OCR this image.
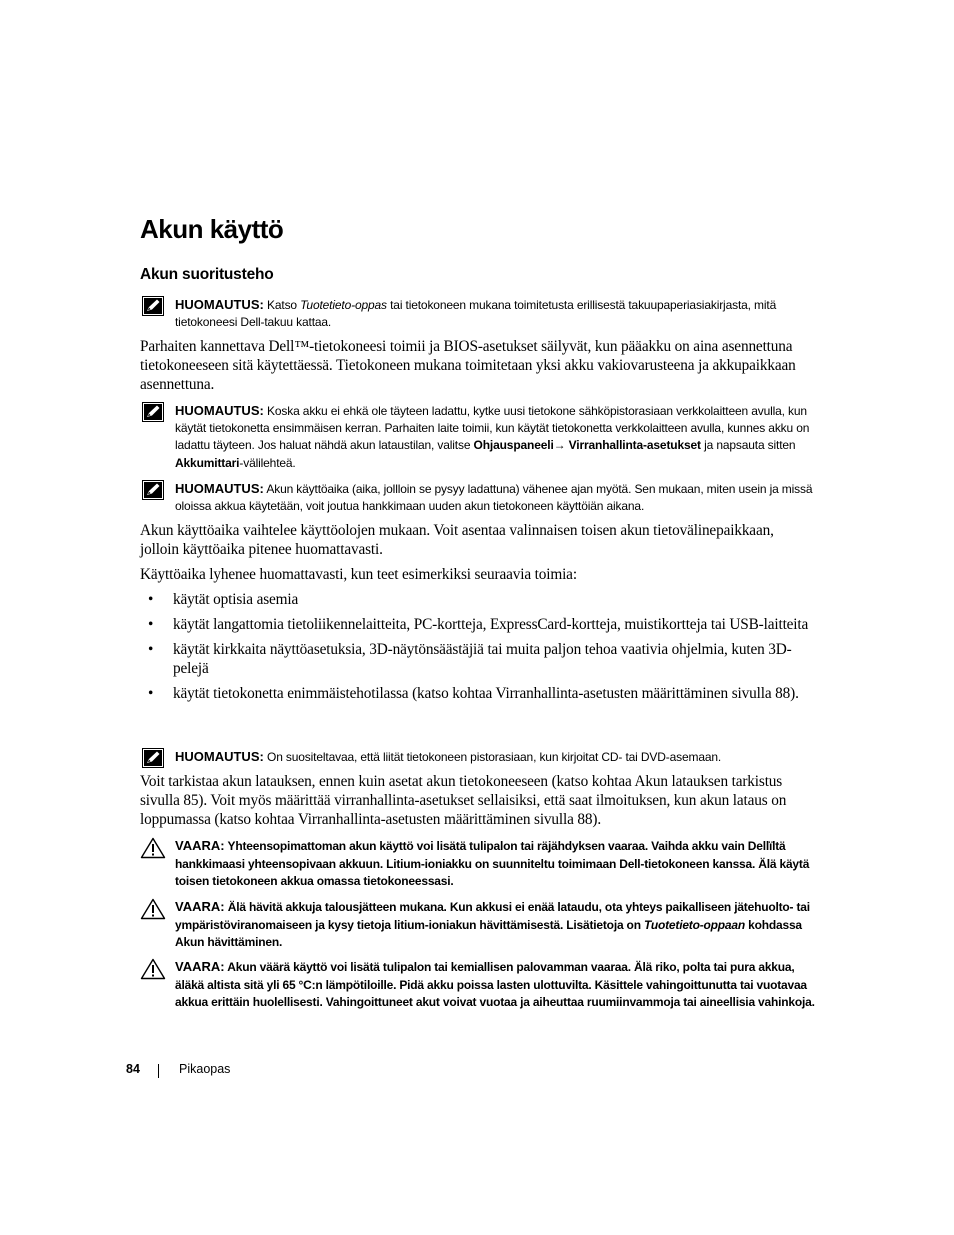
Akun käyttö
Akun suoritusteho
HUOMAUTUS: Katso Tuotetieto-oppas tai tietokoneen mukana toimitetusta erillisestä takuupaperiasiakirjasta, mitä tietokoneesi Dell-takuu kattaa.
Parhaiten kannettava Dell™-tietokoneesi toimii ja BIOS-asetukset säilyvät, kun pääakku on aina asennettuna tietokoneeseen sitä käytettäessä. Tietokoneen mukana toimitetaan yksi akku vakiovarusteena ja akkupaikkaan asennettuna.
HUOMAUTUS: Koska akku ei ehkä ole täyteen ladattu, kytke uusi tietokone sähköpistorasiaan verkkolaitteen avulla, kun käytät tietokonetta ensimmäisen kerran. Parhaiten laite toimii, kun käytät tietokonetta verkkolaitteen avulla, kunnes akku on ladattu täyteen. Jos haluat nähdä akun lataustilan, valitse Ohjauspaneeli→ Virranhallinta-asetukset ja napsauta sitten Akkumittari-välilehteä.
HUOMAUTUS: Akun käyttöaika (aika, jollloin se pysyy ladattuna) vähenee ajan myötä. Sen mukaan, miten usein ja missä oloissa akkua käytetään, voit joutua hankkimaan uuden akun tietokoneen käyttöiän aikana.
Akun käyttöaika vaihtelee käyttöolojen mukaan. Voit asentaa valinnaisen toisen akun tietovälinepaikkaan, jolloin käyttöaika pitenee huomattavasti.
Käyttöaika lyhenee huomattavasti, kun teet esimerkiksi seuraavia toimia:
• käytät optisia asemia
• käytät langattomia tietoliikennelaitteita, PC-kortteja, ExpressCard-kortteja, muistikortteja tai USB-laitteita
• käytät kirkkaita näyttöasetuksia, 3D-näytönsäästäjiä tai muita paljon tehoa vaativia ohjelmia, kuten 3D-pelejä
• käytät tietokonetta enimmäistehotilassa (katso kohtaa Virranhallinta-asetusten määrittäminen sivulla 88).
HUOMAUTUS: On suositeltavaa, että liität tietokoneen pistorasiaan, kun kirjoitat CD- tai DVD-asemaan.
Voit tarkistaa akun latauksen, ennen kuin asetat akun tietokoneeseen (katso kohtaa Akun latauksen tarkistus sivulla 85). Voit myös määrittää virranhallinta-asetukset sellaisiksi, että saat ilmoituksen, kun akun lataus on loppumassa (katso kohtaa Virranhallinta-asetusten määrittäminen sivulla 88).
VAARA: Yhteensopimattoman akun käyttö voi lisätä tulipalon tai räjähdyksen vaaraa. Vaihda akku vain Dellïltä hankkimaasi yhteensopivaan akkuun. Litium-ioniakku on suunniteltu toimimaan Dell-tietokoneen kanssa. Älä käytä toisen tietokoneen akkua omassa tietokoneessasi.
VAARA: Älä hävitä akkuja talousjätteen mukana. Kun akkusi ei enää lataudu, ota yhteys paikalliseen jätehuolto- tai ympäristöviranomaiseen ja kysy tietoja litium-ioniakun hävittämisestä. Lisätietoja on Tuotetieto-oppaan kohdassa Akun hävittäminen.
VAARA: Akun väärä käyttö voi lisätä tulipalon tai kemiallisen palovamman vaaraa. Älä riko, polta tai pura akkua, äläkä altista sitä yli 65 °C:n lämpötiloille. Pidä akku poissa lasten ulottuvilta. Käsittele vahingoittunutta tai vuotavaa akkua erittäin huolellisesti. Vahingoittuneet akut voivat vuotaa ja aiheuttaa ruumiinvammoja tai aineellisia vahinkoja.
84	Pikaopas
